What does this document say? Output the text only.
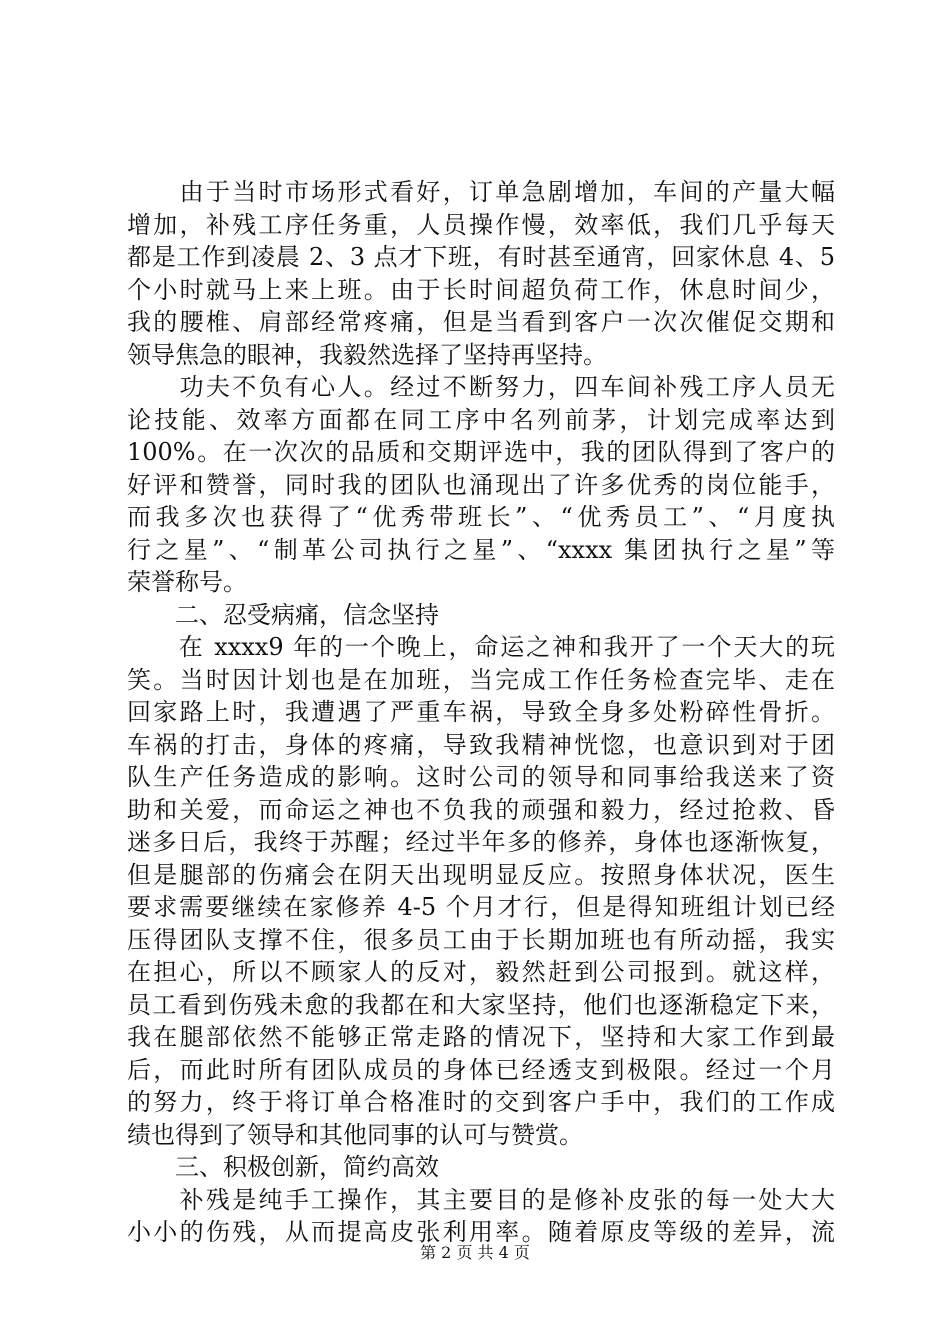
　　由于当时市场形式看好，订单急剧增加，车间的产量大幅
增加，补残工序任务重，人员操作慢，效率低，我们几乎每天
都是工作到凌晨 2、3 点才下班，有时甚至通宵，回家休息 4、5
个小时就马上来上班。由于长时间超负荷工作，休息时间少，
我的腰椎、肩部经常疼痛，但是当看到客户一次次催促交期和
领导焦急的眼神，我毅然选择了坚持再坚持。
　　功夫不负有心人。经过不断努力，四车间补残工序人员无
论技能、效率方面都在同工序中名列前茅，计划完成率达到
100%。在一次次的品质和交期评选中，我的团队得到了客户的
好评和赞誉，同时我的团队也涌现出了许多优秀的岗位能手，
而我多次也获得了“优秀带班长”、“优秀员工”、“月度执
行之星”、“制革公司执行之星”、“xxxx 集团执行之星”等
荣誉称号。
　　二、忍受病痛，信念坚持
　　在 xxxx9 年的一个晚上，命运之神和我开了一个天大的玩
笑。当时因计划也是在加班，当完成工作任务检查完毕、走在
回家路上时，我遭遇了严重车祸，导致全身多处粉碎性骨折。
车祸的打击，身体的疼痛，导致我精神恍惚，也意识到对于团
队生产任务造成的影响。这时公司的领导和同事给我送来了资
助和关爱，而命运之神也不负我的顽强和毅力，经过抢救、昏
迷多日后，我终于苏醒；经过半年多的修养，身体也逐渐恢复，
但是腿部的伤痛会在阴天出现明显反应。按照身体状况，医生
要求需要继续在家修养 4-5 个月才行，但是得知班组计划已经
压得团队支撑不住，很多员工由于长期加班也有所动摇，我实
在担心，所以不顾家人的反对，毅然赶到公司报到。就这样，
员工看到伤残未愈的我都在和大家坚持，他们也逐渐稳定下来，
我在腿部依然不能够正常走路的情况下，坚持和大家工作到最
后，而此时所有团队成员的身体已经透支到极限。经过一个月
的努力，终于将订单合格准时的交到客户手中，我们的工作成
绩也得到了领导和其他同事的认可与赞赏。
　　三、积极创新，简约高效
　　补残是纯手工操作，其主要目的是修补皮张的每一处大大
小小的伤残，从而提高皮张利用率。随着原皮等级的差异，流
第 2 页 共 4 页
